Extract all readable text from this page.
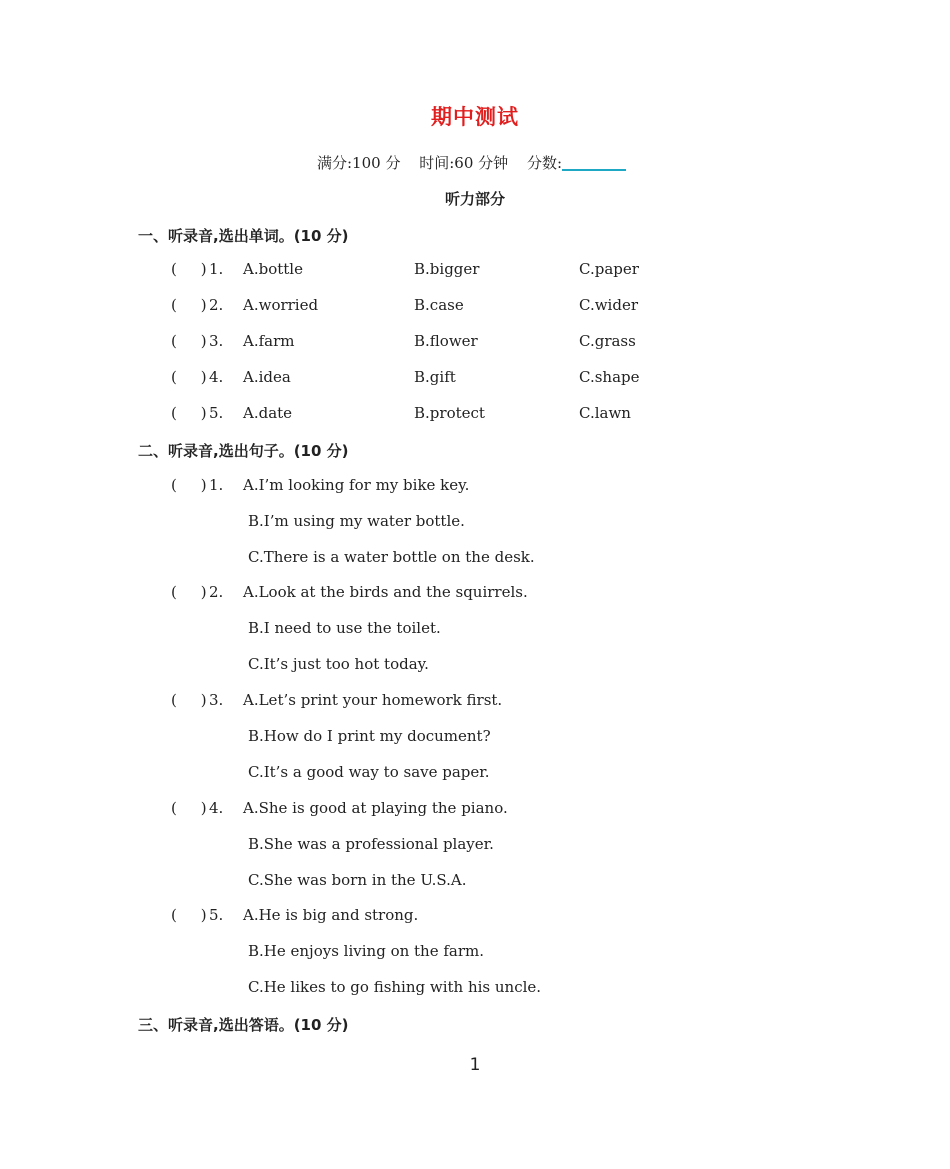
期中测试
满分:100 分 时间:60 分钟 分数:
听力部分
一、听录音,选出单词。(10 分)
(     ) 1. A.bottle	B.bigger	C.paper
(     ) 2. A.worried	B.case	C.wider
(     ) 3. A.farm	B.flower	C.grass
(     ) 4. A.idea	B.gift	C.shape
(     ) 5. A.date	B.protect	C.lawn
二、听录音,选出句子。(10 分)
(     ) 1. A.I’m looking for my bike key.
B.I’m using my water bottle.
C.There is a water bottle on the desk.
(     ) 2. A.Look at the birds and the squirrels.
B.I need to use the toilet.
C.It’s just too hot today.
(     ) 3. A.Let’s print your homework first.
B.How do I print my document?
C.It’s a good way to save paper.
(     ) 4. A.She is good at playing the piano.
B.She was a professional player.
C.She was born in the U.S.A.
(     ) 5. A.He is big and strong.
B.He enjoys living on the farm.
C.He likes to go fishing with his uncle.
三、听录音,选出答语。(10 分)
1
